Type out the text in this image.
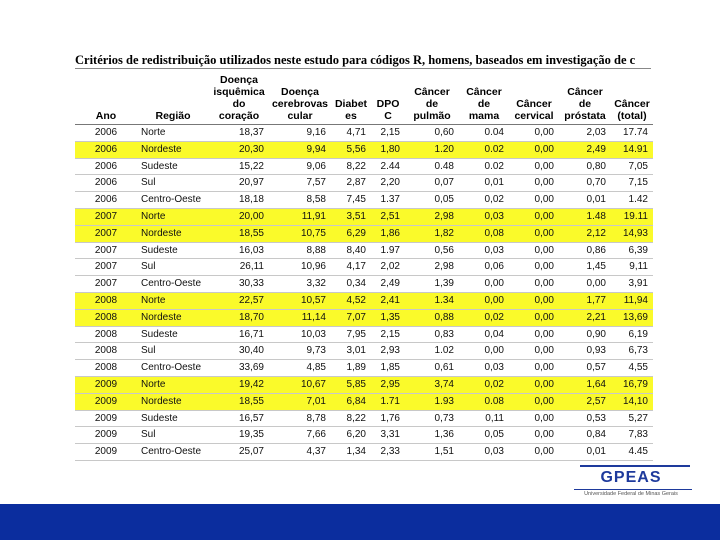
Critérios de redistribuição utilizados neste estudo para códigos R, homens, baseados em investigação de c
Ano	Região	Doença
isquêmica
do
coração	Doença
cerebrovas
cular	Diabet
es	DPO
C	Câncer
de
pulmão	Câncer
de
mama	Câncer
cervical	Câncer
de
próstata	Câncer
(total)

2006	Norte	18,37	9,16	4,71	2,15	0,60	0.04	0,00	2,03	17.74
2006	Nordeste	20,30	9,94	5,56	1,80	1.20	0.02	0,00	2,49	14.91
2006	Sudeste	15,22	9,06	8,22	2.44	0.48	0.02	0,00	0,80	7,05
2006	Sul	20,97	7,57	2,87	2,20	0,07	0,01	0,00	0,70	7,15
2006	Centro-Oeste	18,18	8,58	7,45	1.37	0,05	0,02	0,00	0,01	1.42
2007	Norte	20,00	11,91	3,51	2,51	2,98	0,03	0,00	1.48	19.11
2007	Nordeste	18,55	10,75	6,29	1,86	1,82	0,08	0,00	2,12	14,93
2007	Sudeste	16,03	8,88	8,40	1.97	0,56	0,03	0,00	0,86	6,39
2007	Sul	26,11	10,96	4,17	2,02	2,98	0,06	0,00	1,45	9,11
2007	Centro-Oeste	30,33	3,32	0,34	2,49	1,39	0,00	0,00	0,00	3,91
2008	Norte	22,57	10,57	4,52	2,41	1.34	0,00	0,00	1,77	11,94
2008	Nordeste	18,70	11,14	7,07	1,35	0,88	0,02	0,00	2,21	13,69
2008	Sudeste	16,71	10,03	7,95	2,15	0,83	0,04	0,00	0,90	6,19
2008	Sul	30,40	9,73	3,01	2,93	1.02	0,00	0,00	0,93	6,73
2008	Centro-Oeste	33,69	4,85	1,89	1,85	0,61	0,03	0,00	0,57	4,55
2009	Norte	19,42	10,67	5,85	2,95	3,74	0,02	0,00	1,64	16,79
2009	Nordeste	18,55	7,01	6,84	1.71	1.93	0.08	0,00	2,57	14,10
2009	Sudeste	16,57	8,78	8,22	1,76	0,73	0,11	0,00	0,53	5,27
2009	Sul	19,35	7,66	6,20	3,31	1,36	0,05	0,00	0,84	7,83
2009	Centro-Oeste	25,07	4,37	1,34	2,33	1,51	0,03	0,00	0,01	4.45
GPEAS
Universidade Federal de Minas Gerais
